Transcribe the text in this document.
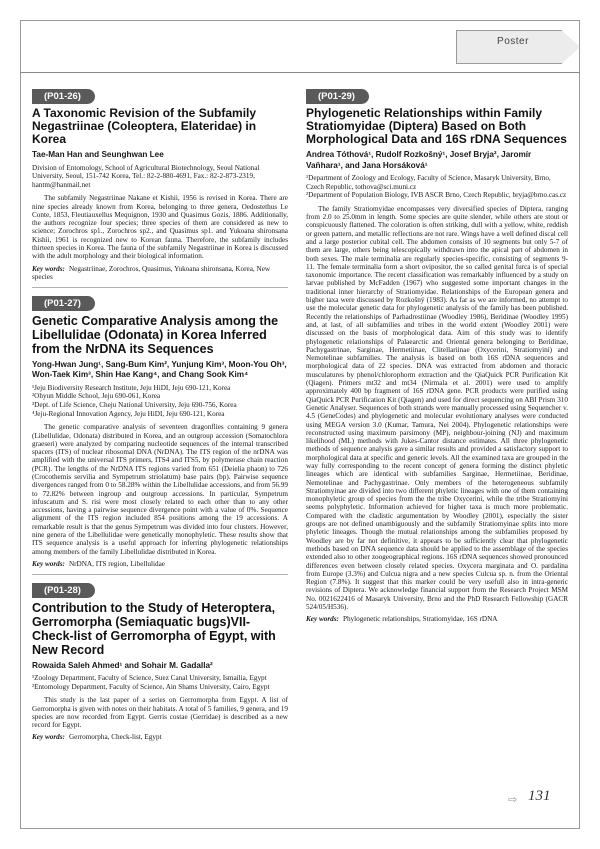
Poster
(P01-26)
A Taxonomic Revision of the Subfamily Negastriinae (Coleoptera, Elateridae) in Korea
Tae-Man Han and Seunghwan Lee

Division of Entomology, School of Agricultural Biotechnology, Seoul National University, Seoul, 151-742 Korea, Tel.: 82-2-880-4691, Fax.: 82-2-873-2319, hantm@hanmail.net

The subfamily Negastriinae Nakane et Kishii, 1956 is revised in Korea. There are nine species already known from Korea, belonging to three genera, Oedostethus Le Conte, 1853, Fleutiauxellus Mequignon, 1930 and Quasimus Gozis, 1886. Additionally, the authors recognize four species; three species of them are considered as new to science; Zorochros sp1., Zorochros sp2., and Quasimus sp1. and Yukoana shironsana Kishii, 1961 is recognized new to Korean fauna. Therefore, the subfamily includes thirteen species in Korea. The fauna of the subfamily Negastriinae in Korea is discussed with the adult morphology and their biological information.

Key words: Negastriinae, Zorochros, Quasimus, Yukoana shironsana, Korea, New species
(P01-27)
Genetic Comparative Analysis among the Libellulidae (Odonata) in Korea Inferred from the NrDNA its Sequences
Yong-Hwan Jung¹, Sang-Bum Kim², Yunjung Kim³, Moon-You Oh³, Won-Taek Kim³, Shin Hae Kang⁴, and Chang Sook Kim⁴

¹Jeju Biodiversity Research Institute, Jeju HiDI, Jeju 690-121, Korea

²Ohyun Middle School, Jeju 690-061, Korea

³Dept. of Life Science, Cheju National University, Jeju 690-756, Korea

⁴Jeju-Regional Innovation Agency, Jeju HiDI, Jeju 690-121, Korea

The genetic comparative analysis of seventeen dragonflies containing 9 genera (Libellulidae, Odonata) distributed in Korea, and an outgroup accession (Somatochlora graeseri) were analyzed by comparing nucleotide sequences of the internal transcribed spacers (ITS) of nuclear ribosomal DNA (NrDNA). The ITS region of the nrDNA was amplified with the universal ITS primers, ITS4 and ITS5, by polymerase chain reaction (PCR). The lengths of the NrDNA ITS regions varied from 651 (Deielia phaon) to 726 (Crocothemis servilia and Sympetrum striolatum) base pairs (bp). Pairwise sequence divergences ranged from 0 to 58.28% within the Libellulidae accessions, and from 56.99 to 72.82% between ingroup and outgroup accessions. In particular, Sympetrum infuscatum and S. risi were most closely related to each other than to any other accessions, having a pairwise sequence divergence point with a value of 0%. Sequence alignment of the ITS region included 854 positions among the 19 accessions. A remarkable result is that the genus Sympetrum was divided into four clusters. However, nine genera of the Libellulidae were genetically monophyletic. These results show that ITS sequence analysis is a useful approach for inferring phylogenetic relationships among members of the family Libellulidae distributed in Korea.

Key words: NrDNA, ITS region, Libellulidae
(P01-28)
Contribution to the Study of Heteroptera, Gerromorpha (Semiaquatic bugs)VII- Check-list of Gerromorpha of Egypt, with New Record
Rowaida Saleh Ahmed¹ and Sohair M. Gadalla²

¹Zoology Department, Faculty of Science, Suez Canal University, Ismailia, Egypt

²Entomology Department, Faculty of Science, Ain Shams University, Cairo, Egypt

This study is the last paper of a series on Gerromorpha from Egypt. A list of Gerromorpha is given with notes on their habitats. A total of 5 families, 9 genera, and 19 species are now recorded from Egypt. Gerris costae (Gerridae) is described as a new record for Egypt.

Key words: Gerromorpha, Check-list, Egypt
(P01-29)
Phylogenetic Relationships within Family Stratiomyidae (Diptera) Based on Both Morphological Data and 16S rDNA Sequences
Andrea Tóthová¹, Rudolf Rozkošný¹, Josef Bryja², Jaromír Vaňhara¹, and Jana Horsáková¹

¹Department of Zoology and Ecology, Faculty of Science, Masaryk University, Brno, Czech Republic, tothova@sci.muni.cz

²Department of Population Biology, IVB ASCR Brno, Czech Republic, bryja@brno.cas.cz

The family Stratiomyidae encompasses very diversified species of Diptera, ranging from 2.0 to 25.0mm in length. Some species are quite slender, while others are stout or conspicuously flattened. The coloration is often striking, dull with a yellow, white, reddish or green pattern, and metallic reflections are not rare. Wings have a well defined discal cell and a large posterior cubital cell. The abdomen consists of 10 segments but only 5-7 of them are large, others being telescopically withdrawn into the apical part of abdomen in both sexes. The male terminalia are regularly species-specific, consisting of segments 9-11. The female terminalia form a short ovipositor, the so called genital furca is of special taxonomic importance. The recent classification was remarkably influenced by a study on larvae published by McFadden (1967) who suggested some important changes in the traditional inner hierarchy of Stratiomyidae. Relationships of the European genera and higher taxa were discussed by Rozkošný (1983). As far as we are informed, no attempt to use the molecular genetic data for phylogenetic analysis of the family has been published. Recently the relationships of Parhadrestiinae (Woodley 1986), Beridinae (Woodley 1995) and, at last, of all subfamilies and tribes in the world extent (Woodley 2001) were discussed on the basis of morphological data. Aim of this study was to identify phylogenetic relationships of Palaearctic and Oriental genera belonging to Beridinae, Pachygastrinae, Sarginae, Hermetiinae, Clitellariinae (Oxycerini, Stratiomyini) and Nemotelinae subfamilies. The analysis is based on both 16S rDNA sequences and morphological data of 22 species. DNA was extracted from abdomen and thoracic musculatures by phenol/chlorophorm extraction and the QiaQuick PCR Purification Kit (Qiagen). Primers mt32 and mt34 (Nirmala et al. 2001) were used to amplify approximately 400 bp fragment of 16S rDNA gene. PCR products were purified using QiaQuick PCR Purification Kit (Qiagen) and used for direct sequencing on ABI Prism 310 Genetic Analyser. Sequences of both strands were manually processed using Sequencher v. 4.5 (GeneCodes) and phylogenetic and molecular evolutionary analyses were conducted using MEGA version 3.0 (Kumar, Tamura, Nei 2004). Phylogenetic relationships were reconstructed using maximum parsimony (MP), neighbour-joining (NJ) and maximum likelihood (ML) methods with Jukes-Cantor distance estimates. All three phylogenetic methods of sequence analysis gave a similar results and provided a satisfactory support to morphological data at specific and generic levels. All the examined taxa are grouped in the way fully corresponding to the recent concept of genera forming the distinct phyletic lineages which are identical with subfamilies Sarginae, Hermetiinae, Beridinae, Nemotelinae and Pachygastrinae. Only members of the heterogeneous subfamily Stratiomyinae are divided into two different phyletic lineages with one of them containing monophyletic group of species from the the tribe Oxycerini, while the tribe Stratiomyini seems polyphyletic. Information achieved for higher taxa is much more problematic. Compared with the cladistic argumentation by Woodley (2001), especially the sister groups are not defined unambiguously and the subfamily Stratiomyinae splits into more phyletic lineages. Though the mutual relationships among the subfamilies proposed by Woodley are by far not definitive, it appears to be sufficiently clear that phylogenetic methods based on DNA sequence data should be applied to the assemblage of the species extended also to other zoogeographical regions. 16S rDNA sequences showed pronounced differences even between closely related species. Oxycera marginata and O. pardalina from Europe (3.3%) and Culcua nigra and a new species Culcua sp. n. from the Oriental Region (7.8%). It suggest that this marker could be very usefull also in intra-generic revisions of Diptera. We acknowledge financial support from the Research Project MSM No. 0021622416 of Masaryk University, Brno and the PhD Research Fellowship (GACR 524/05/H536).

Key words: Phylogenetic relationships, Stratiomyidae, 16S rDNA
⇨ 131
